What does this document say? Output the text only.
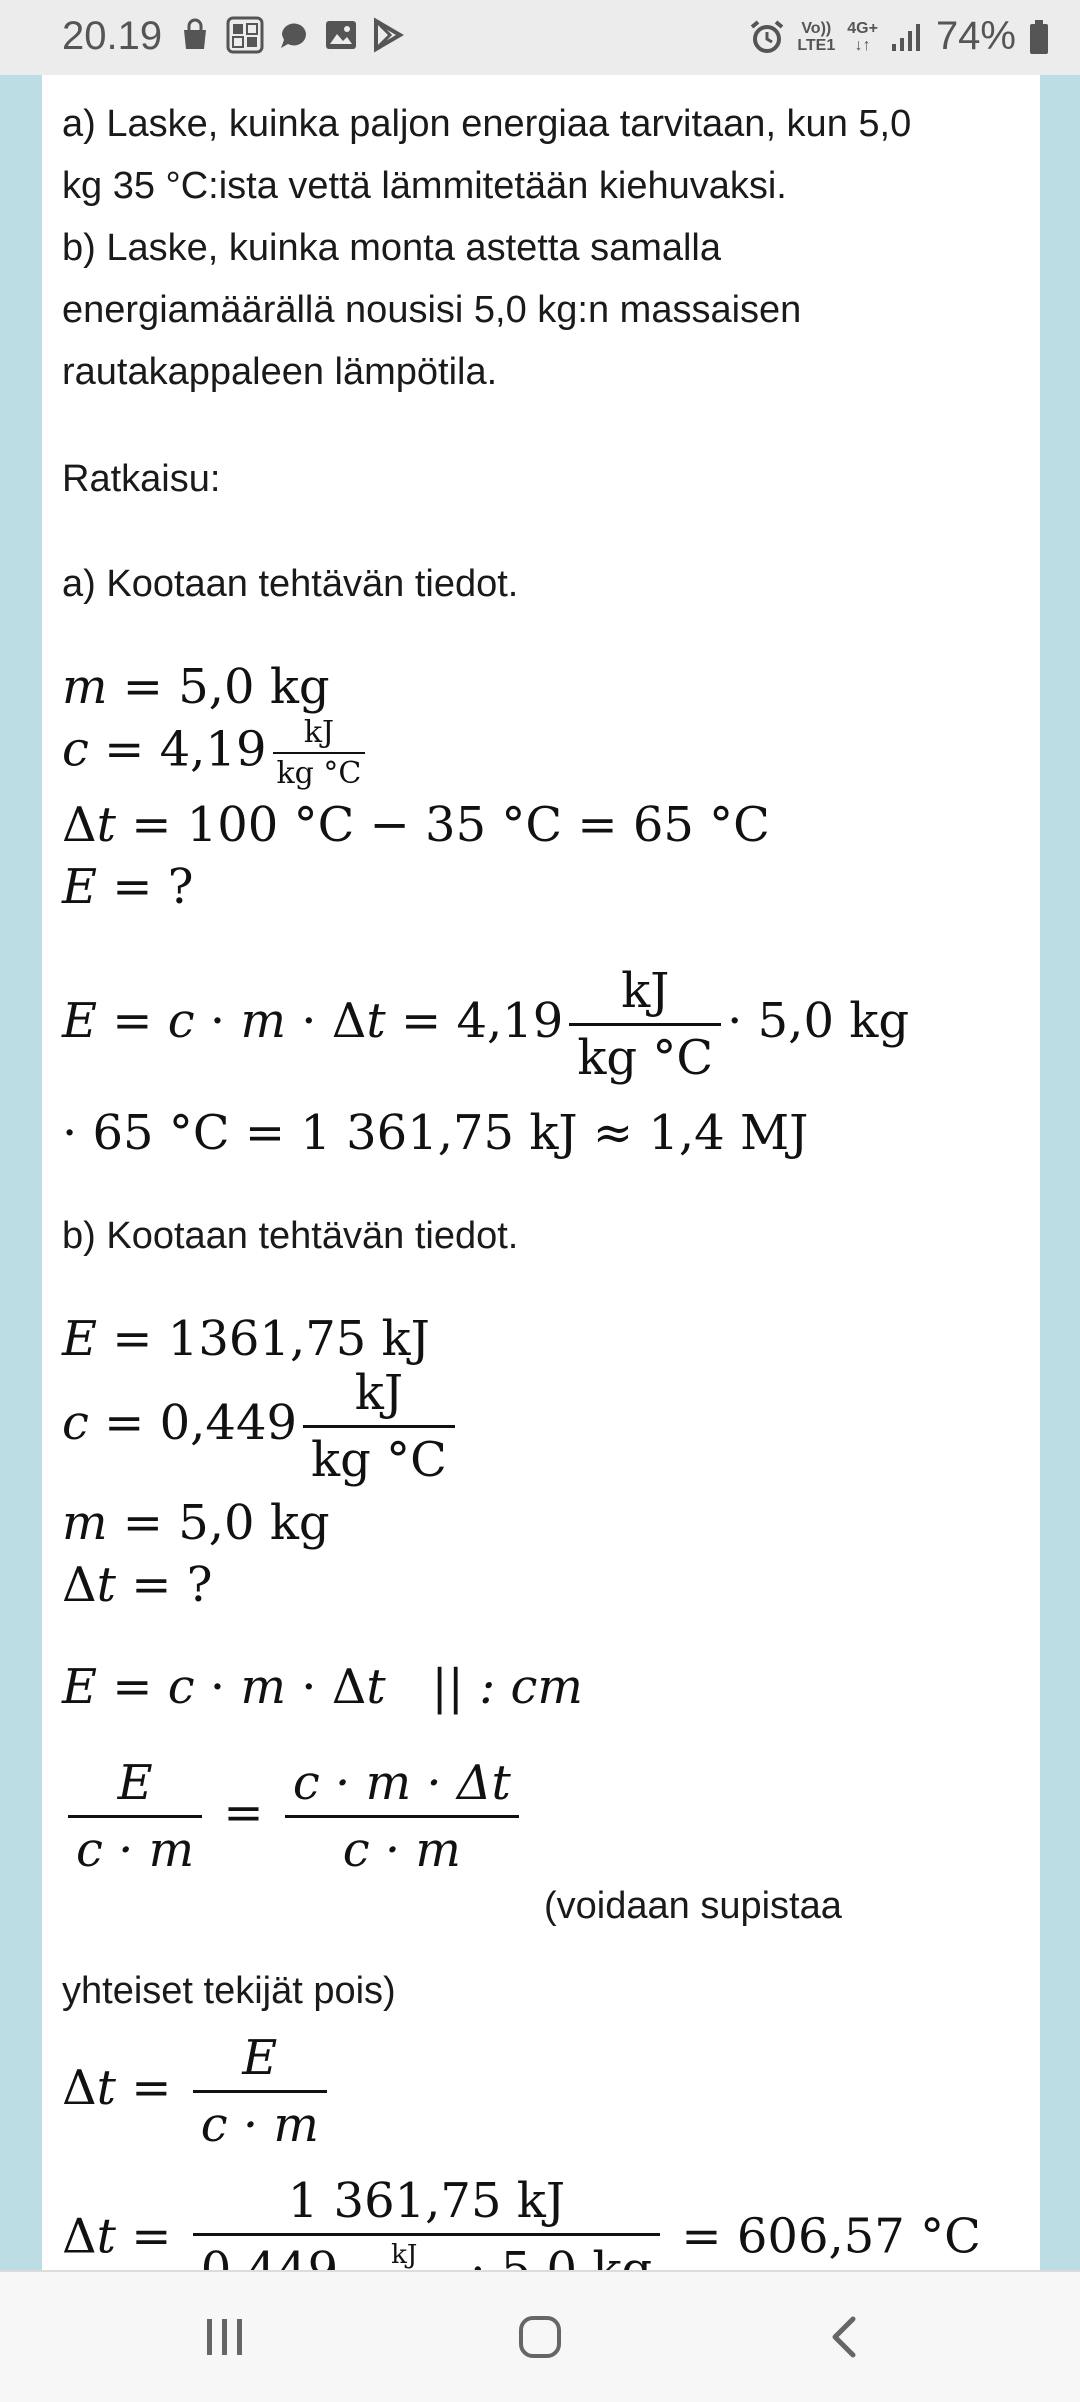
20.19	Vo))
LTE1
4G+
↓↑ 74%

a) Laske, kuinka paljon energiaa tarvitaan, kun 5,0

kg 35 °C:ista vettä lämmitetään kiehuvaksi.

b) Laske, kuinka monta astetta samalla

energiamäärällä nousisi 5,0 kg:n massaisen

rautakappaleen lämpötila.

Ratkaisu:

a) Kootaan tehtävän tiedot.

m = 5,0 kg
$c = 4,19 \frac{kJ}{kg ^\circ C}$
Δt = 100 °C − 35 °C = 65 °C
E = ?
$E = c \cdot m \cdot \Delta t = 4,19 \frac{kJ}{kg ^\circ C} \cdot 5,0$ kg
· 65 °C = 1 361,75 kJ ≈ 1,4 MJ

b) Kootaan tehtävän tiedot.

E = 1361,75 kJ
$c = 0,449 \frac{kJ}{kg ^\circ C}$
m = 5,0 kg
Δt = ?
E = c · m · Δt || : cm
$\frac{E}{c \cdot m} = \frac{c \cdot m \cdot \Delta t}{c \cdot m}$

(voidaan supistaa

yhteiset tekijät pois)

$\Delta t = \frac{E}{c \cdot m}$
$\Delta t = \frac{1 361,75 kJ}{kJ} = 606,57$ °C
